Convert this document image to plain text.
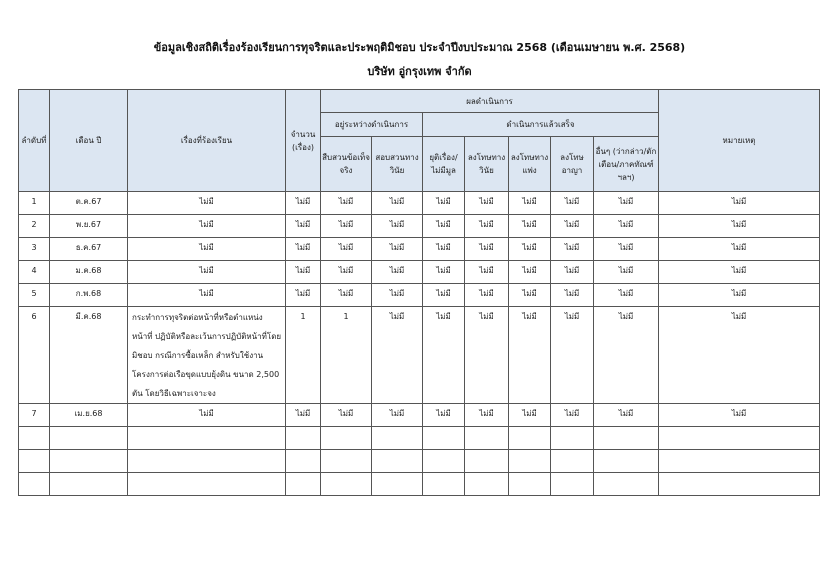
ข้อมูลเชิงสถิติเรื่องร้องเรียนการทุจริตและประพฤติมิชอบ ประจำปีงบประมาณ 2568 (เดือนเมษายน พ.ศ. 2568)
บริษัท อู่กรุงเทพ จำกัด
ลำดับที่	เดือน ปี	เรื่องที่ร้องเรียน	จำนวน (เรื่อง)	ผลดำเนินการ							หมายเหตุ
				อยู่ระหว่างดำเนินการ		ดำเนินการแล้วเสร็จ					
				สืบสวนข้อเท็จจริง	สอบสวนทางวินัย	ยุติเรื่อง/ไม่มีมูล	ลงโทษทางวินัย	ลงโทษทางแพ่ง	ลงโทษอาญา	อื่นๆ (ว่ากล่าว/ตักเตือน/ภาคทัณฑ์ ฯลฯ)	
1	ต.ค.67	ไม่มี	ไม่มี	ไม่มี	ไม่มี	ไม่มี	ไม่มี	ไม่มี	ไม่มี	ไม่มี	ไม่มี
2	พ.ย.67	ไม่มี	ไม่มี	ไม่มี	ไม่มี	ไม่มี	ไม่มี	ไม่มี	ไม่มี	ไม่มี	ไม่มี
3	ธ.ค.67	ไม่มี	ไม่มี	ไม่มี	ไม่มี	ไม่มี	ไม่มี	ไม่มี	ไม่มี	ไม่มี	ไม่มี
4	ม.ค.68	ไม่มี	ไม่มี	ไม่มี	ไม่มี	ไม่มี	ไม่มี	ไม่มี	ไม่มี	ไม่มี	ไม่มี
5	ก.พ.68	ไม่มี	ไม่มี	ไม่มี	ไม่มี	ไม่มี	ไม่มี	ไม่มี	ไม่มี	ไม่มี	ไม่มี
6	มี.ค.68	กระทำการทุจริตต่อหน้าที่หรือตำแหน่งหน้าที่ ปฏิบัติหรือละเว้นการปฏิบัติหน้าที่โดยมิชอบ กรณีการซื้อเหล็ก สำหรับใช้งานโครงการต่อเรือขุดแบบยุ้งดิน ขนาด 2,500 ตัน โดยวิธีเฉพาะเจาะจง	1	1	ไม่มี	ไม่มี	ไม่มี	ไม่มี	ไม่มี	ไม่มี	ไม่มี
7	เม.ย.68	ไม่มี	ไม่มี	ไม่มี	ไม่มี	ไม่มี	ไม่มี	ไม่มี	ไม่มี	ไม่มี	ไม่มี
